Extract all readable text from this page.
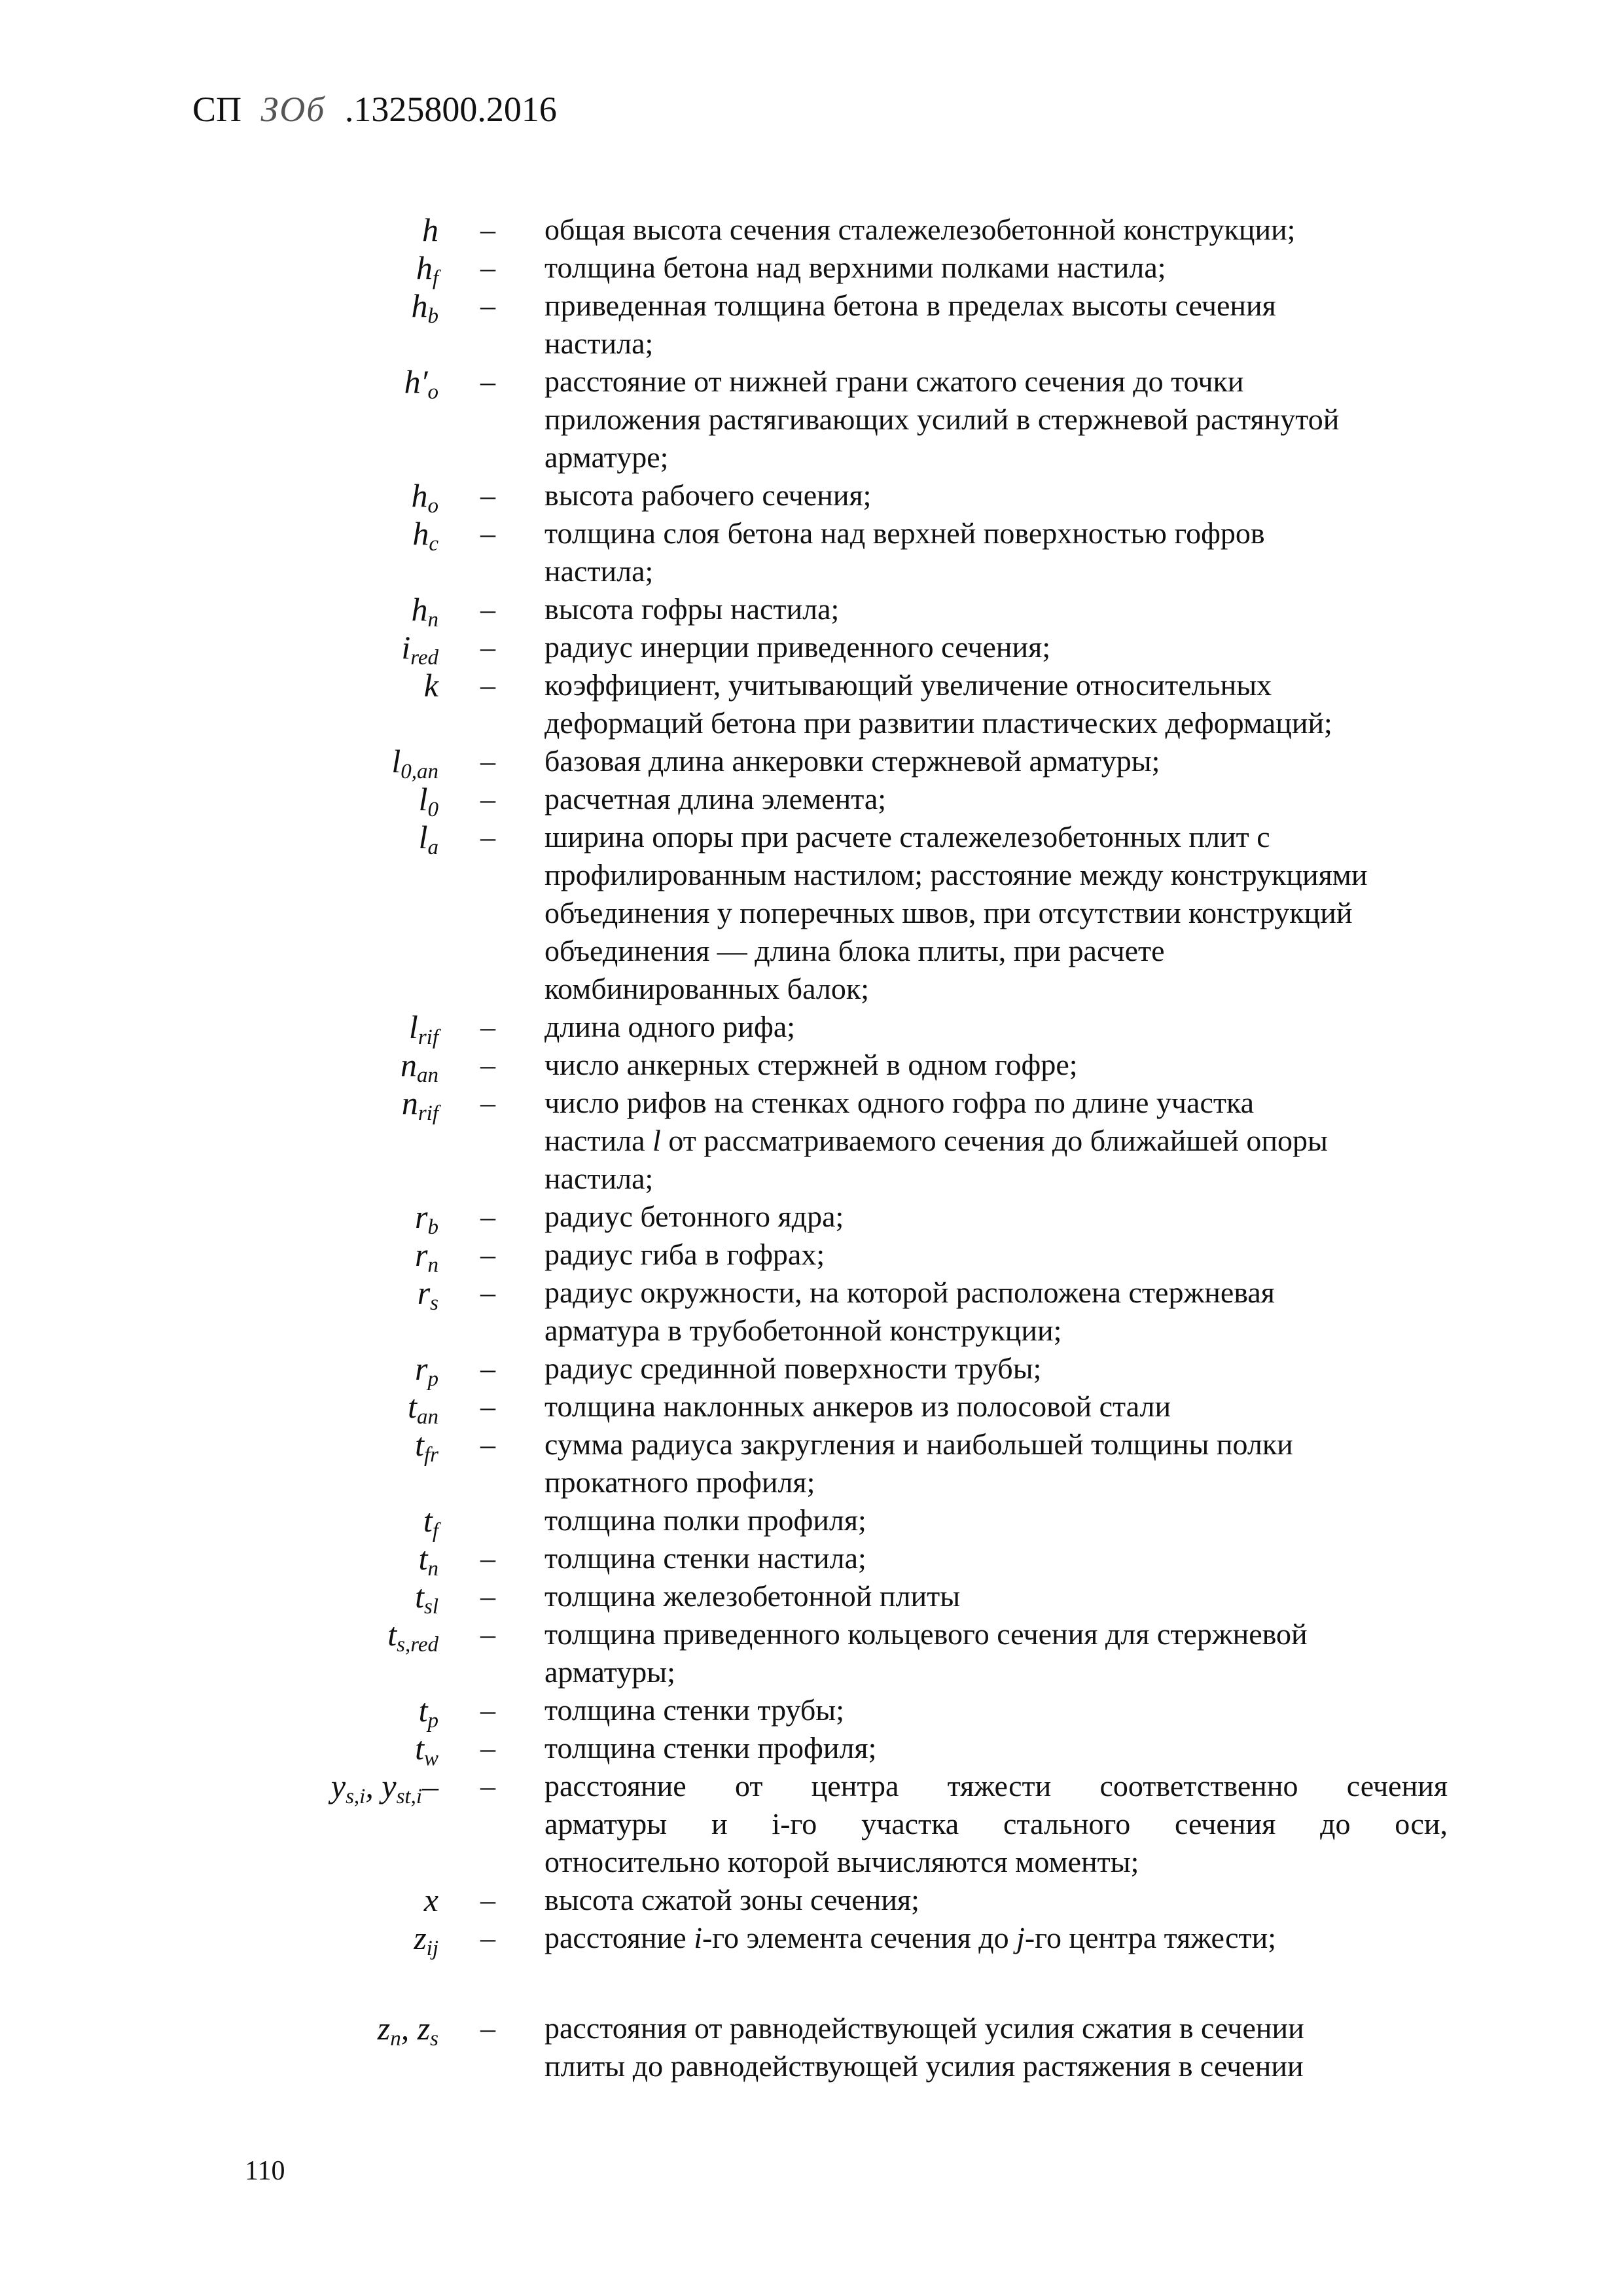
СП ЗОб .1325800.2016
h – общая высота сечения сталежелезобетонной конструкции;
$h_f$ – толщина бетона над верхними полками настила;
$h_b$ – приведенная толщина бетона в пределах высоты сечения
настила;
$h'_o$ – расстояние от нижней грани сжатого сечения до точки
приложения растягивающих усилий в стержневой растянутой
арматуре;
$h_o$ – высота рабочего сечения;
$h_c$ – толщина слоя бетона над верхней поверхностью гофров
настила;
$h_n$ – высота гофры настила;
$i_{red}$ – радиус инерции приведенного сечения;
k – коэффициент, учитывающий увеличение относительных
деформаций бетона при развитии пластических деформаций;
$l_{0,an}$ – базовая длина анкеровки стержневой арматуры;
$l_0$ – расчетная длина элемента;
$l_a$ – ширина опоры при расчете сталежелезобетонных плит с
профилированным настилом; расстояние между конструкциями
объединения у поперечных швов, при отсутствии конструкций
объединения — длина блока плиты, при расчете
комбинированных балок;
$l_{rif}$ – длина одного рифа;
$n_{an}$ – число анкерных стержней в одном гофре;
$n_{rif}$ – число рифов на стенках одного гофра по длине участка
настила l от рассматриваемого сечения до ближайшей опоры
настила;
$r_b$ – радиус бетонного ядра;
$r_n$ – радиус гиба в гофрах;
$r_s$ – радиус окружности, на которой расположена стержневая
арматура в трубобетонной конструкции;
$r_p$ – радиус срединной поверхности трубы;
$t_{an}$ – толщина наклонных анкеров из полосовой стали
$t_{fr}$ – сумма радиуса закругления и наибольшей толщины полки
прокатного профиля;
$t_f$	толщина полки профиля;
$t_n$ – толщина стенки настила;
$t_{sl}$ – толщина железобетонной плиты
$t_{s,red}$ – толщина приведенного кольцевого сечения для стержневой
арматуры;
$t_p$ – толщина стенки трубы;
$t_w$ – толщина стенки профиля;
$y_{s,i}$, $y_{st,i}-$ – расстояние от центра тяжести соответственно сечения
арматуры и i-го участка стального сечения до оси,
относительно которой вычисляются моменты;
x – высота сжатой зоны сечения;
$z_{ij}$ – расстояние i-го элемента сечения до j-го центра тяжести;
$z_n$, $z_s$ – расстояния от равнодействующей усилия сжатия в сечении
плиты до равнодействующей усилия растяжения в сечении
110
